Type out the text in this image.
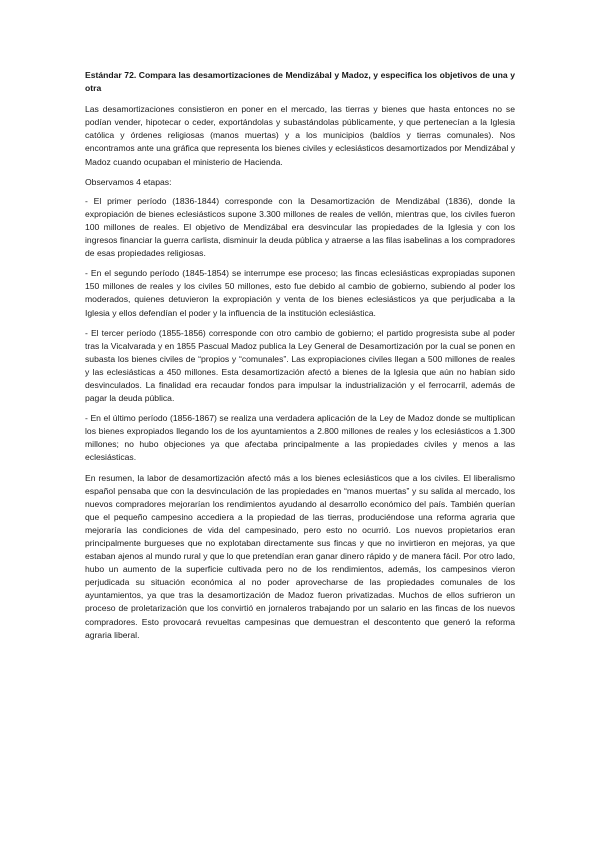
Estándar 72. Compara las desamortizaciones de Mendizábal y Madoz, y especifica los objetivos de una y otra

Las desamortizaciones consistieron en poner en el mercado, las tierras y bienes que hasta entonces no se podían vender, hipotecar o ceder, exportándolas y subastándolas públicamente, y que pertenecían a la Iglesia católica y órdenes religiosas (manos muertas) y a los municipios (baldíos y tierras comunales). Nos encontramos ante una gráfica que representa los bienes civiles y eclesiásticos desamortizados por Mendizábal y Madoz cuando ocupaban el ministerio de Hacienda.

Observamos 4 etapas:

- El primer período (1836-1844) corresponde con la Desamortización de Mendizábal (1836), donde la expropiación de bienes eclesiásticos supone 3.300 millones de reales de vellón, mientras que, los civiles fueron 100 millones de reales. El objetivo de Mendizábal era desvincular las propiedades de la Iglesia y con los ingresos financiar la guerra carlista, disminuir la deuda pública y atraerse a las filas isabelinas a los compradores de esas propiedades religiosas.

- En el segundo período (1845-1854) se interrumpe ese proceso; las fincas eclesiásticas expropiadas suponen 150 millones de reales y los civiles 50 millones, esto fue debido al cambio de gobierno, subiendo al poder los moderados, quienes detuvieron la expropiación y venta de los bienes eclesiásticos ya que perjudicaba a la Iglesia y ellos defendían el poder y la influencia de la institución eclesiástica.

- El tercer período (1855-1856) corresponde con otro cambio de gobierno; el partido progresista sube al poder tras la Vicalvarada y en 1855 Pascual Madoz publica la Ley General de Desamortización por la cual se ponen en subasta los bienes civiles de “propios y “comunales”. Las expropiaciones civiles llegan a 500 millones de reales y las eclesiásticas a 450 millones. Esta desamortización afectó a bienes de la Iglesia que aún no habían sido desvinculados. La finalidad era recaudar fondos para impulsar la industrialización y el ferrocarril, además de pagar la deuda pública.

- En el último período (1856-1867) se realiza una verdadera aplicación de la Ley de Madoz donde se multiplican los bienes expropiados llegando los de los ayuntamientos a 2.800 millones de reales y los eclesiásticos a 1.300 millones; no hubo objeciones ya que afectaba principalmente a las propiedades civiles y menos a las eclesiásticas.

En resumen, la labor de desamortización afectó más a los bienes eclesiásticos que a los civiles. El liberalismo español pensaba que con la desvinculación de las propiedades en “manos muertas” y su salida al mercado, los nuevos compradores mejorarían los rendimientos ayudando al desarrollo económico del país. También querían que el pequeño campesino accediera a la propiedad de las tierras, produciéndose una reforma agraria que mejoraría las condiciones de vida del campesinado, pero esto no ocurrió. Los nuevos propietarios eran principalmente burgueses que no explotaban directamente sus fincas y que no invirtieron en mejoras, ya que estaban ajenos al mundo rural y que lo que pretendían eran ganar dinero rápido y de manera fácil. Por otro lado, hubo un aumento de la superficie cultivada pero no de los rendimientos, además, los campesinos vieron perjudicada su situación económica al no poder aprovecharse de las propiedades comunales de los ayuntamientos, ya que tras la desamortización de Madoz fueron privatizadas. Muchos de ellos sufrieron un proceso de proletarización que los convirtió en jornaleros trabajando por un salario en las fincas de los nuevos compradores. Esto provocará revueltas campesinas que demuestran el descontento que generó la reforma agraria liberal.
